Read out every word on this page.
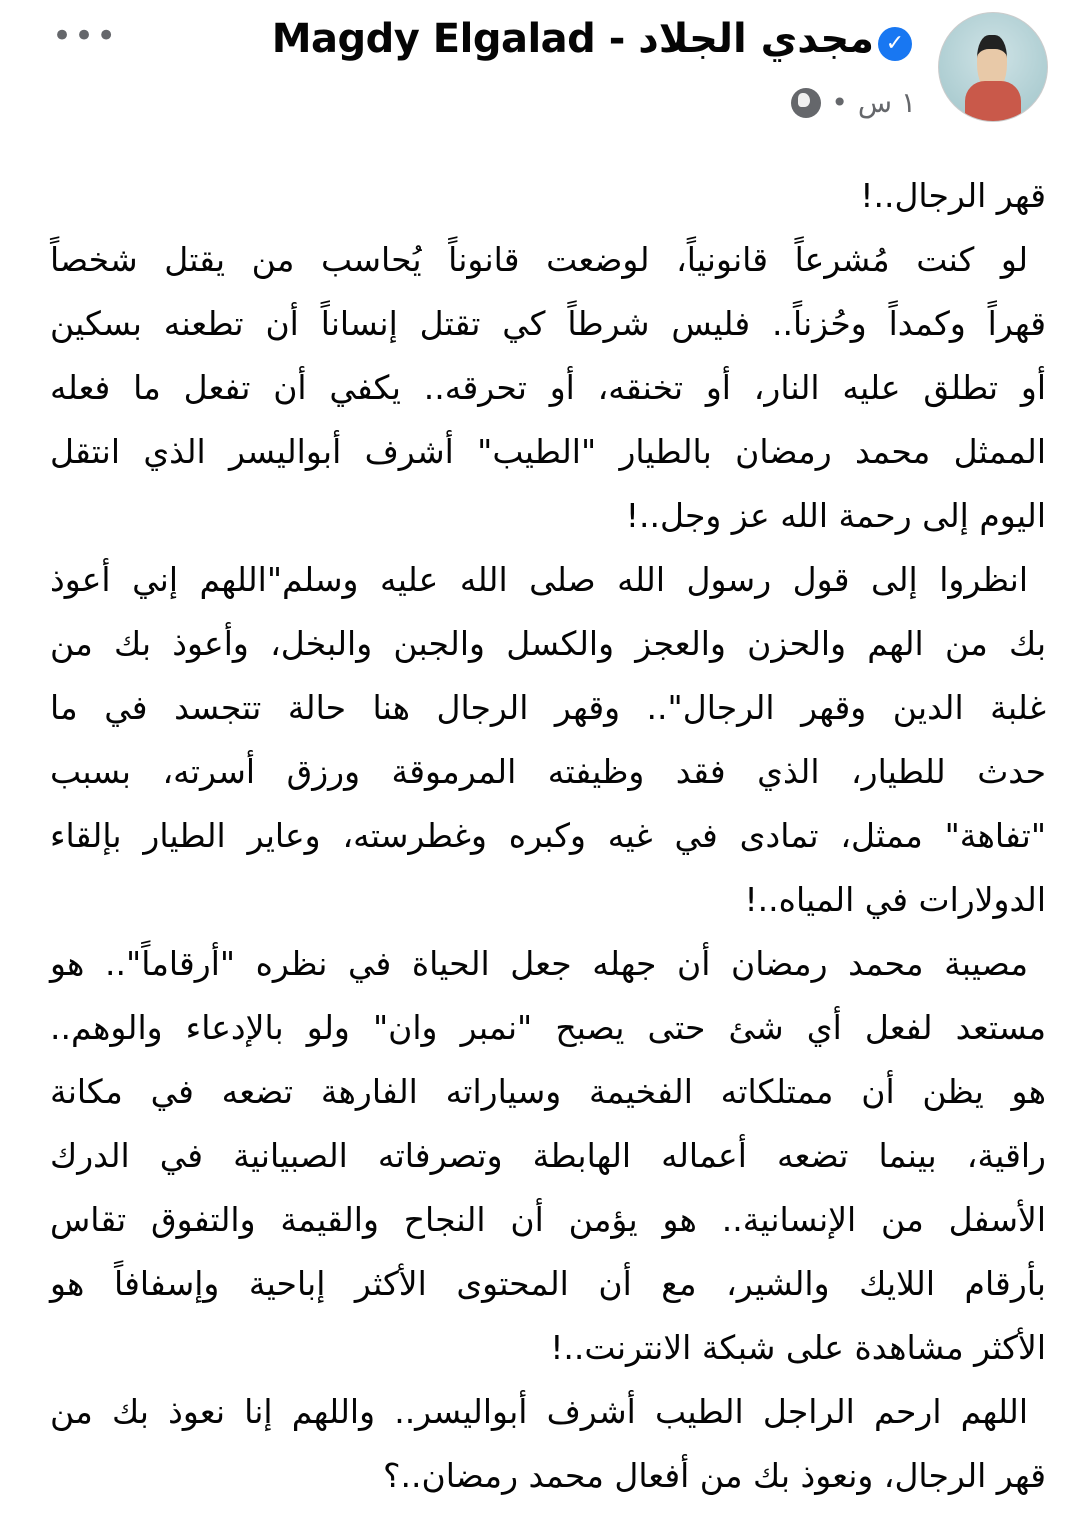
✓
Magdy Elgalad - مجدي الجلاد
١ س
•
•••
قهر الرجال..!
لو كنت مُشرعاً قانونياً، لوضعت قانوناً يُحاسب من يقتل شخصاً
قهراً وكمداً وحُزناً.. فليس شرطاً كي تقتل إنساناً أن تطعنه بسكين
أو تطلق عليه النار، أو تخنقه، أو تحرقه.. يكفي أن تفعل ما فعله
الممثل محمد رمضان بالطيار "الطيب" أشرف أبواليسر الذي انتقل
اليوم إلى رحمة الله عز وجل..!
انظروا إلى قول رسول الله صلى الله عليه وسلم"اللهم إني أعوذ
بك من الهم والحزن والعجز والكسل والجبن والبخل، وأعوذ بك من
غلبة الدين وقهر الرجال".. وقهر الرجال هنا حالة تتجسد في ما
حدث للطيار، الذي فقد وظيفته المرموقة ورزق أسرته، بسبب
"تفاهة" ممثل، تمادى في غيه وكبره وغطرسته، وعاير الطيار بإلقاء
الدولارات في المياه..!
مصيبة محمد رمضان أن جهله جعل الحياة في نظره "أرقاماً".. هو
مستعد لفعل أي شئ حتى يصبح "نمبر وان" ولو بالإدعاء والوهم..
هو يظن أن ممتلكاته الفخيمة وسياراته الفارهة تضعه في مكانة
راقية، بينما تضعه أعماله الهابطة وتصرفاته الصبيانية في الدرك
الأسفل من الإنسانية.. هو يؤمن أن النجاح والقيمة والتفوق تقاس
بأرقام اللايك والشير، مع أن المحتوى الأكثر إباحية وإسفافاً هو
الأكثر مشاهدة على شبكة الانترنت..!
اللهم ارحم الراجل الطيب أشرف أبواليسر.. واللهم إنا نعوذ بك من
قهر الرجال، ونعوذ بك من أفعال محمد رمضان..؟
